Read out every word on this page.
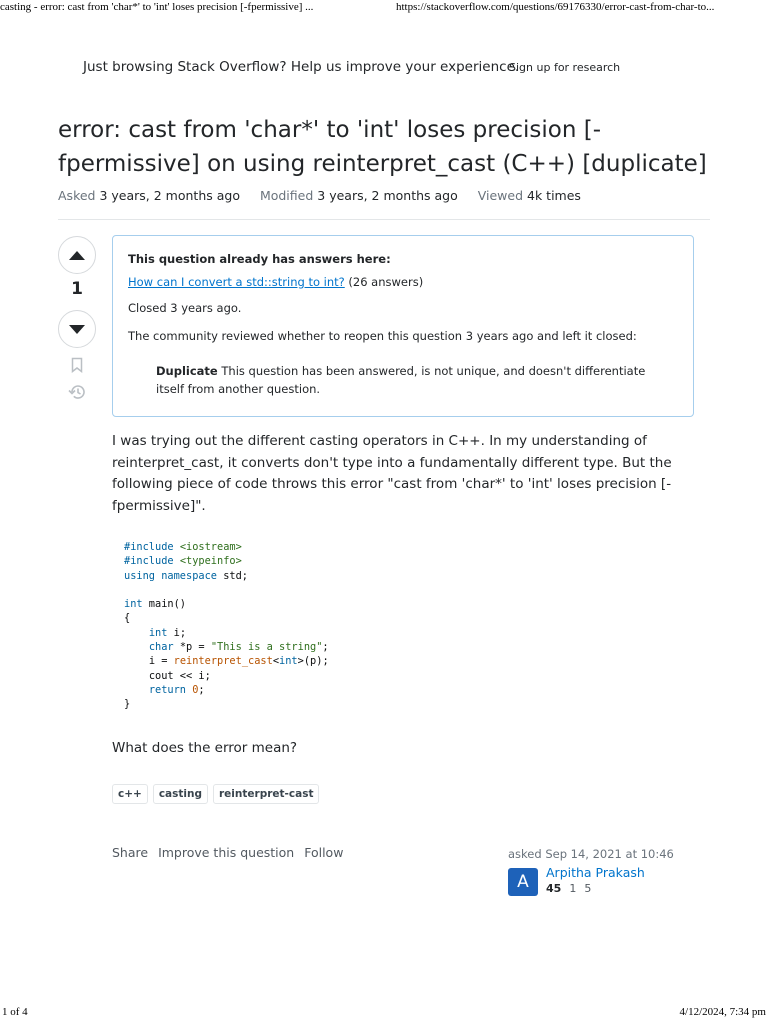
casting - error: cast from 'char*' to 'int' loses precision [-fpermissive] ...	https://stackoverflow.com/questions/69176330/error-cast-from-char-to...
Just browsing Stack Overflow? Help us improve your experience.
Sign up for research
error: cast from 'char*' to 'int' loses precision [-fpermissive] on using reinterpret_cast (C++) [duplicate]
Asked 3 years, 2 months ago Modified 3 years, 2 months ago Viewed 4k times
1
This question already has answers here:
How can I convert a std::string to int? (26 answers)
Closed 3 years ago.
The community reviewed whether to reopen this question 3 years ago and left it closed:
Duplicate This question has been answered, is not unique, and doesn't differentiate itself from another question.

I was trying out the different casting operators in C++. In my understanding of reinterpret_cast, it converts don't type into a fundamentally different type. But the following piece of code throws this error "cast from 'char*' to 'int' loses precision [-fpermissive]".

#include <iostream>
#include <typeinfo>
using namespace std;

int main()
{
int i;
char *p = "This is a string";
i = reinterpret_cast<int>(p);
cout << i;
return 0;
}
What does the error mean?
c++	casting	reinterpret-cast
Share Improve this question Follow	asked Sep 14, 2021 at 10:46
A	Arpitha Prakash
45 1 5
1 of 4	4/12/2024, 7:34 pm
